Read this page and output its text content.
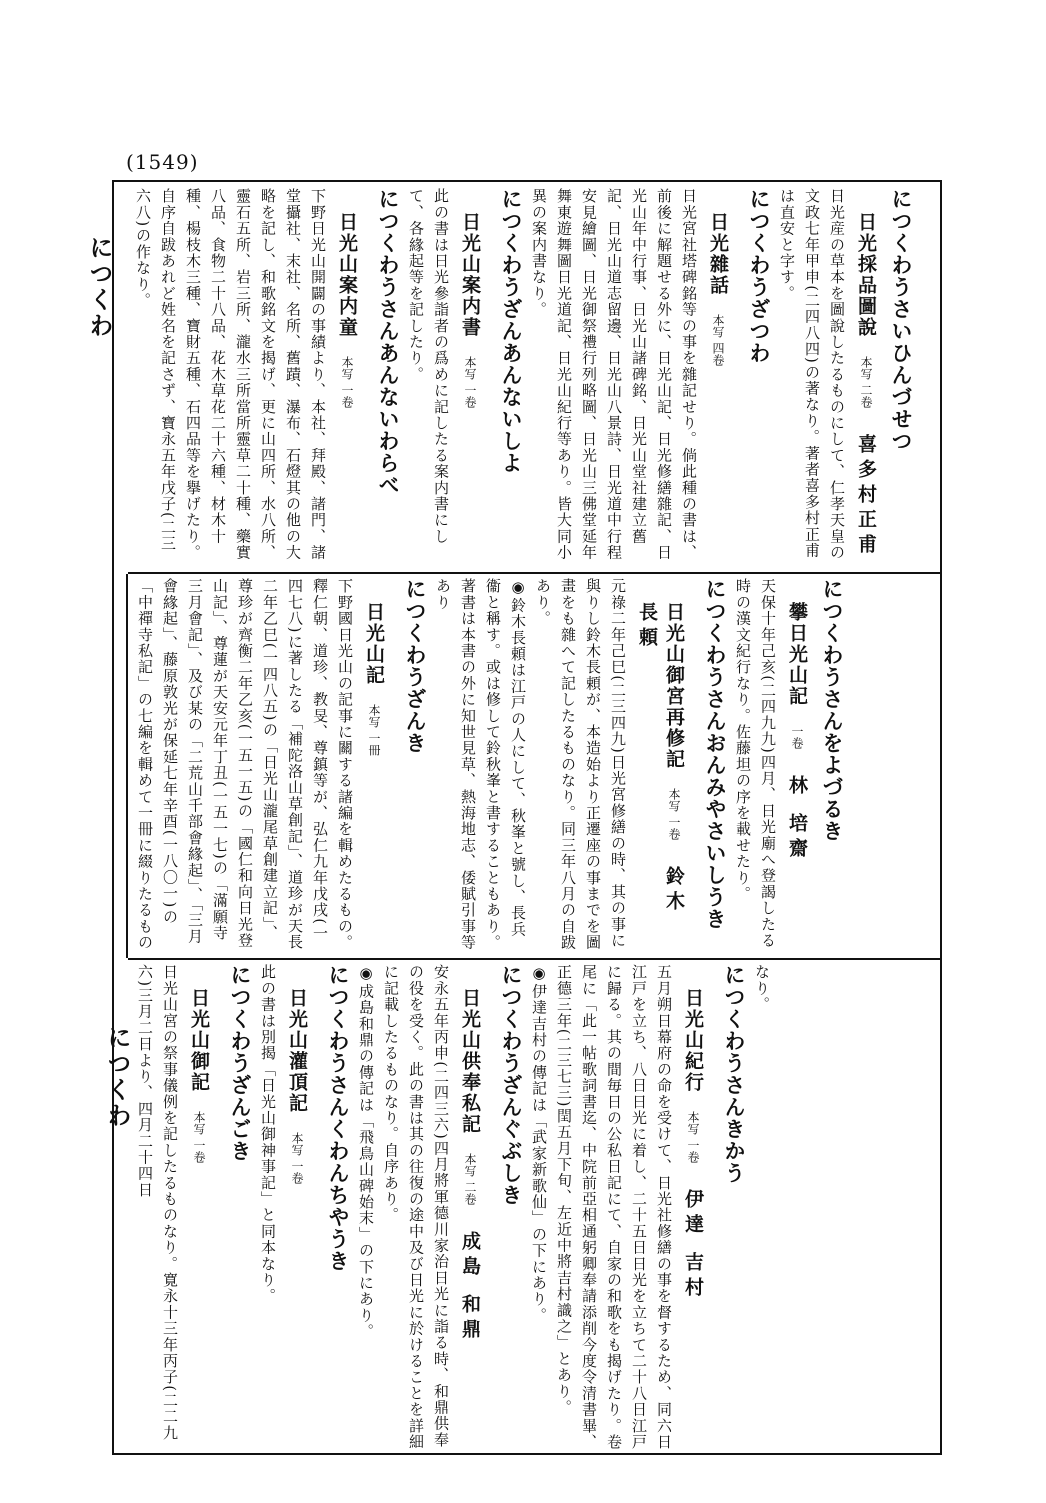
(1549)
につくわ
につくわ
につくわうさいひんづせつ
日光採品圖說本写 二卷喜多村正甫
日光産の草本を圖說したるものにして、仁孝天皇の文政七年甲申(二四八四)の著なり。著者喜多村正甫は直安と字す。
につくわうざつわ
日光雜話本写 四卷
日光宮社塔碑銘等の事を雜記せり。倘此種の書は、前後に解題せる外に、日光山記、日光修繕雜記、日光山年中行事、日光山諸碑銘、日光山堂社建立舊記、日光山道志留邊、日光山八景詩、日光道中行程安見繪圖、日光御祭禮行列略圖、日光山三佛堂延年舞東遊舞圖日光道記、日光山紀行等あり。皆大同小異の案内書なり。
につくわうざんあんないしよ
日光山案内書本写 一卷
此の書は日光參詣者の爲めに記したる案内書にして、各緣起等を記したり。
につくわうさんあんないわらべ
日光山案内童本写 一卷
下野日光山開闢の事績より、本社、拜殿、諸門、諸堂攝社、末社、名所、舊蹟、瀑布、石燈其の他の大略を記し、和歌銘文を揭げ、更に山四所、水八所、靈石五所、岩三所、瀧水三所當所靈草二十種、藥實八品、食物二十八品、花木草花二十六種、材木十種、楊枝木三種、寶財五種、石四品等を擧げたり。自序自跋あれど姓名を記さず、寶永五年戊子(二三六八)の作なり。
につくわうさんをよづるき
攀日光山記一卷林 培齋
天保十年己亥(二四九九)四月、日光廟へ登謁したる時の漢文紀行なり。佐藤坦の序を載せたり。
につくわうさんおんみやさいしうき
日光山御宮再修記本写 一卷鈴木 長頼
元祿二年己巳(二三四九)日光宮修繕の時、其の事に與りし鈴木長頼が、本造始より正遷座の事までを圖畫をも雜へて記したるものなり。同三年八月の自跋あり。
◉鈴木長頼は江戸の人にして、秋峯と號し、長兵衞と稱す。或は修して鈴秋峯と書することもあり。著書は本書の外に知世見草、熱海地志、倭賦引事等あり
につくわうざんき
日光山記本写 一冊
下野國日光山の記事に關する諸編を輯めたるもの。釋仁朝、道珍、教旻、尊鎮等が、弘仁九年戊戌(一四七八)に著したる「補陀洛山草創記」、道珍が天長二年乙巳(一四八五)の「日光山瀧尾草創建立記」、尊珍が齊衡二年乙亥(一五一五)の「國仁和向日光登山記」、尊蓮が天安元年丁丑(一五一七)の「滿願寺三月會記」、及び某の「二荒山千部會緣起」、「三月會緣起」、藤原敦光が保延七年辛酉(一八〇一)の「中禪寺私記」の七編を輯めて一冊に綴りたるもの
なり。
につくわうさんきかう
日光山紀行本写 一卷伊達 吉村
五月朔日幕府の命を受けて、日光社修繕の事を督するため、同六日江戸を立ち、八日日光に着し、二十五日日光を立ちて二十八日江戸に歸る。其の間毎日の公私日記にて、自家の和歌をも揭げたり。卷尾に「此一帖歌詞書迄、中院前亞相通躬卿奉請添削今度令清書畢、正德三年(二三七三)閏五月下旬、左近中將吉村識之」とあり。
◉伊達吉村の傳記は「武家新歌仙」の下にあり。
につくわうざんぐぶしき
日光山供奉私記本写 二卷成島 和鼎
安永五年丙申(二四三六)四月將軍德川家治日光に詣る時、和鼎供奉の役を受く。此の書は其の往復の途中及び日光に於けることを詳細に記載したるものなり。自序あり。
◉成島和鼎の傳記は「飛鳥山碑始末」の下にあり。
につくわうさんくわんちやうき
日光山灌頂記本写 一卷
此の書は別揭「日光山御神事記」と同本なり。
につくわうざんごき
日光山御記本写 一卷
日光山宮の祭事儀例を記したるものなり。寛永十三年丙子(二二九六)三月二日より、四月二十四日
